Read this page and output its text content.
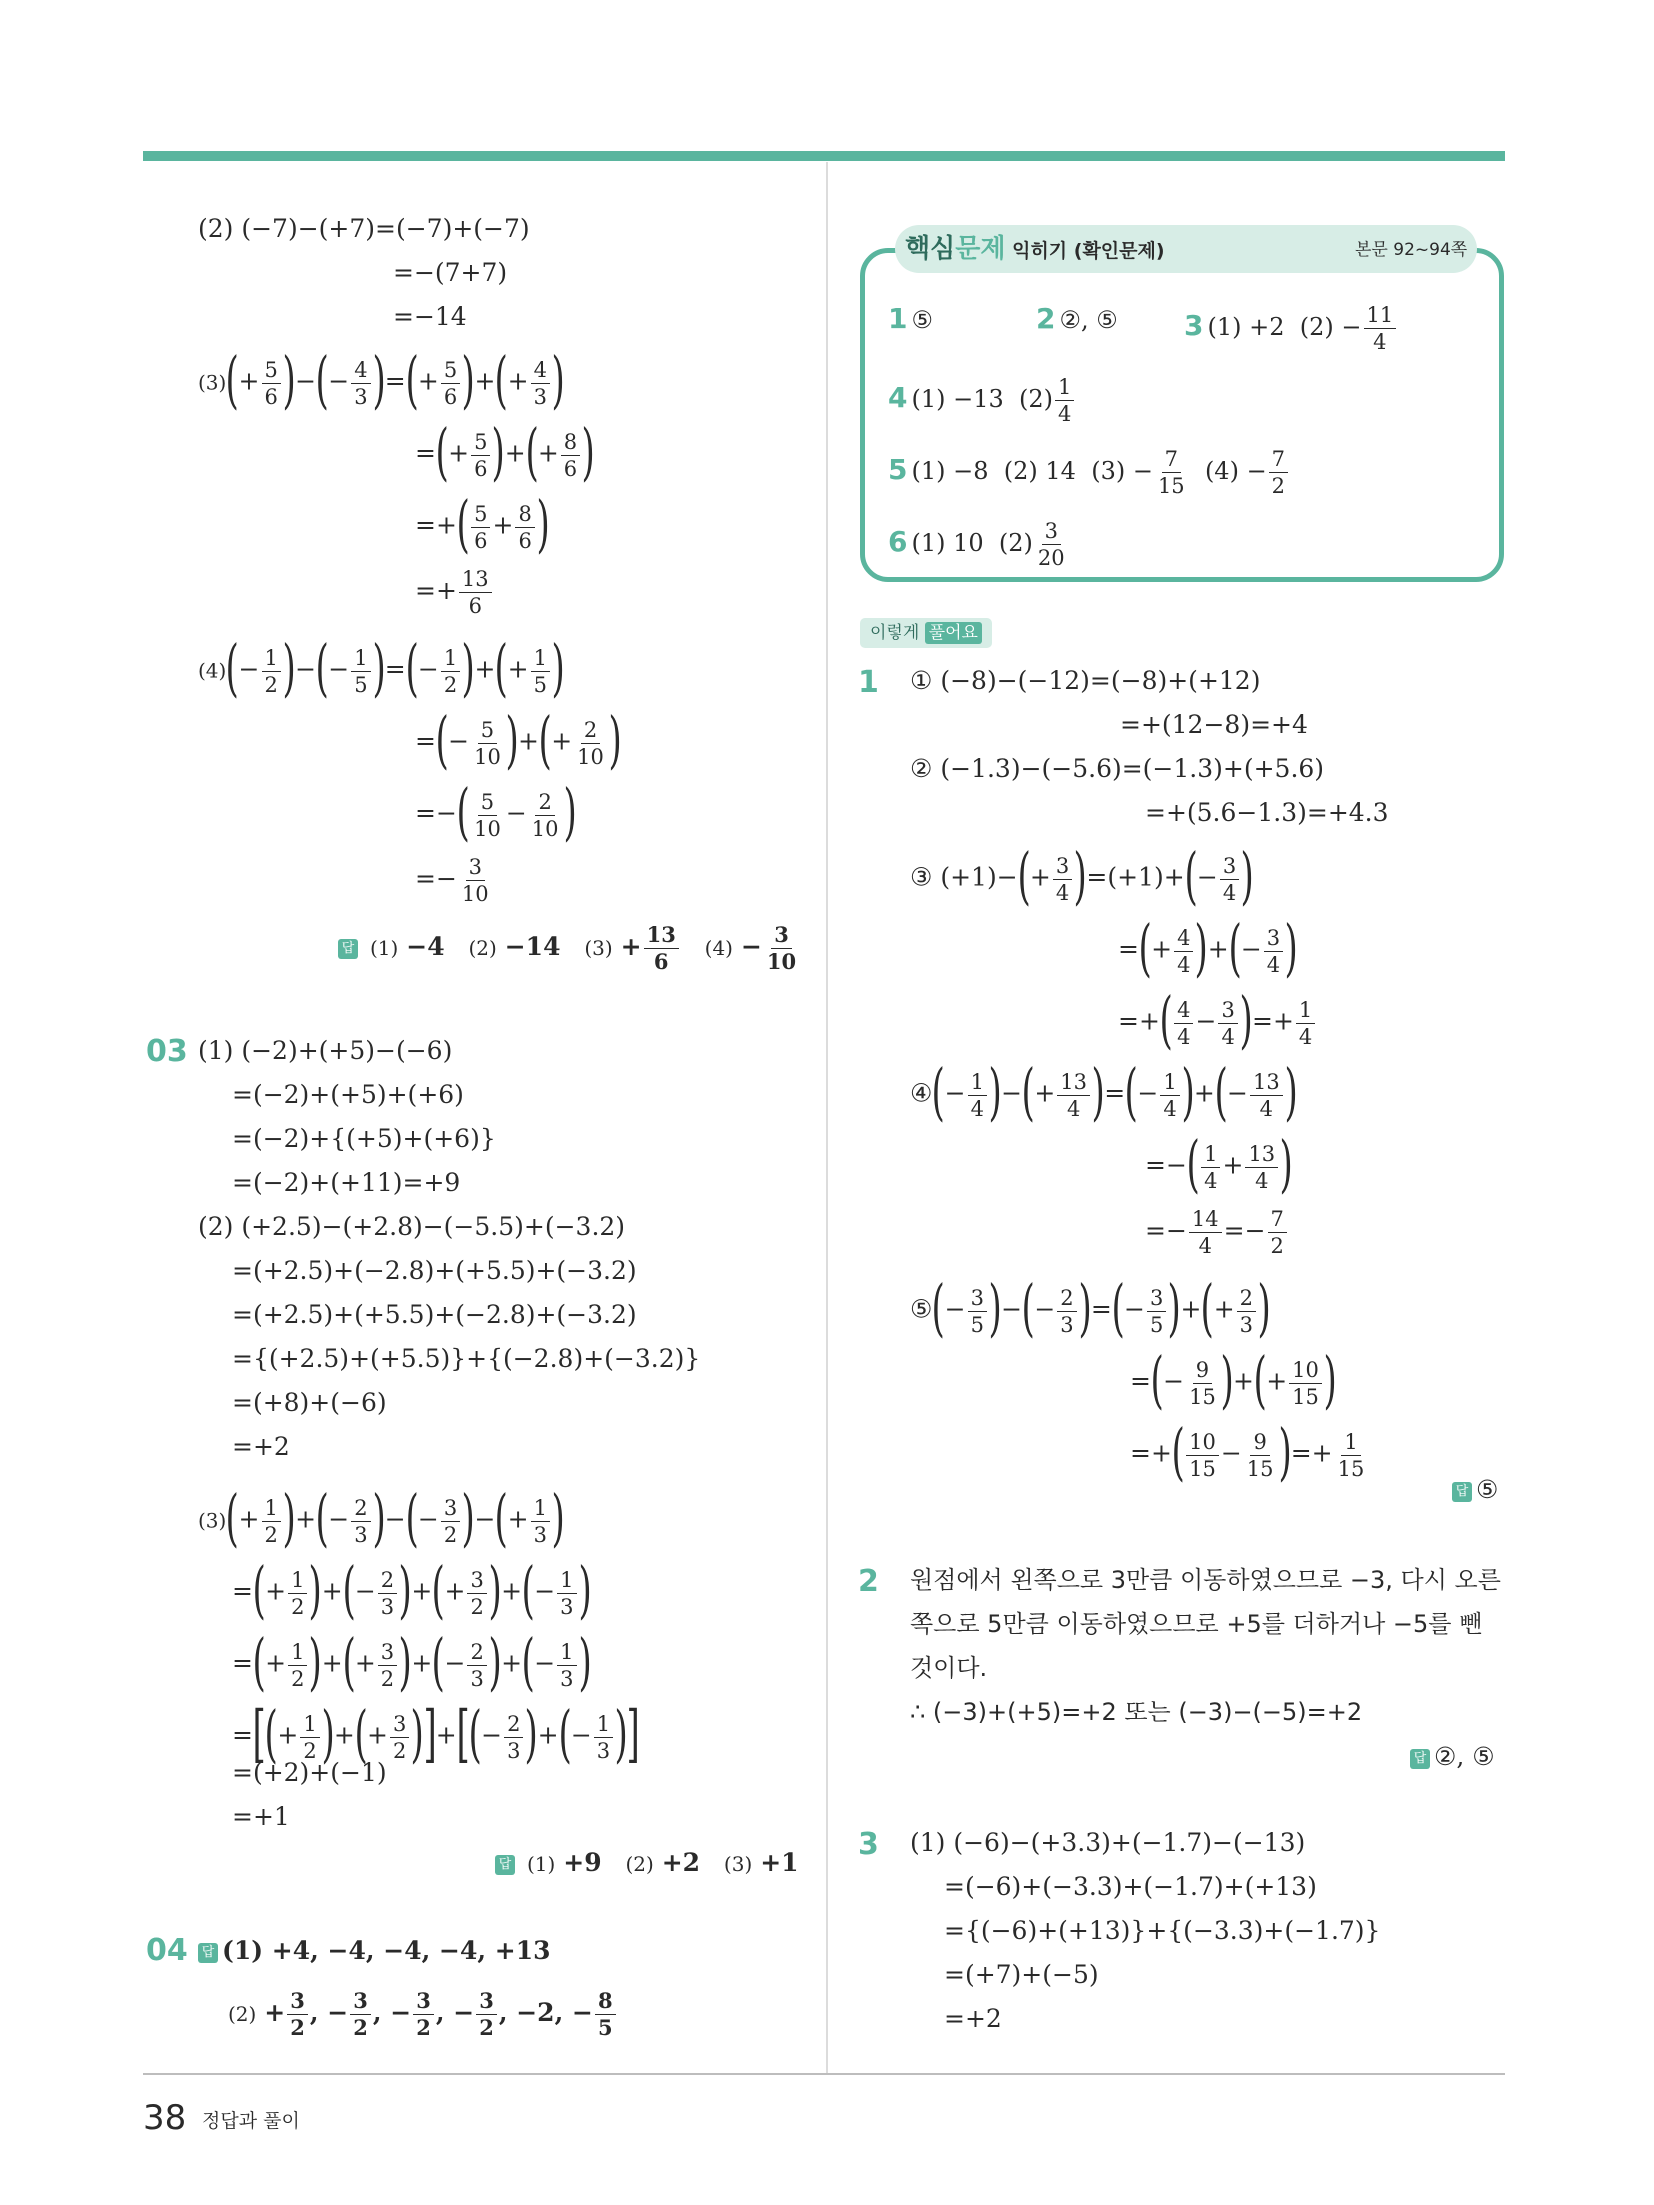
(2) (−7)−(+7)=(−7)+(−7)
=−(7+7)
=−14
$(3)(+ \frac{5}{6}$ )−(− $\frac{4}{3}$ )=(+ $\frac{5}{6}$ )+(+ $\frac{4}{3}$ )
=(+ $\frac{5}{6}$ )+(+ $\frac{8}{6}$ )
=+( $\frac{5}{6} + \frac{8}{6}$ )
=+ $\frac{13}{6}$
$(4)(- \frac{1}{2}$ )−(− $\frac{1}{5}$ )=(− $\frac{1}{2}$ )+(+ $\frac{1}{5}$ )
=(− $\frac{5}{10}$ )+(+ $\frac{2}{10}$ )
=−( $\frac{5}{10} - \frac{2}{10}$ )
=− $\frac{3}{10}$
답 (1) −4 (2) −14 $(3) + \frac{13}{6} (4) - \frac{3}{10}$
03 (1) (−2)+(+5)−(−6)
=(−2)+(+5)+(+6)
=(−2)+{(+5)+(+6)}
=(−2)+(+11)=+9
(2) (+2.5)−(+2.8)−(−5.5)+(−3.2)
=(+2.5)+(−2.8)+(+5.5)+(−3.2)
=(+2.5)+(+5.5)+(−2.8)+(−3.2)
={(+2.5)+(+5.5)}+{(−2.8)+(−3.2)}
=(+8)+(−6)
=+2
$(3)(+ \frac{1}{2}$ )+(− $\frac{2}{3}$ )−(− $\frac{3}{2}$ )−(+ $\frac{1}{3}$ )
=(+ $\frac{1}{2}$ )+(− $\frac{2}{3}$ )+(+ $\frac{3}{2}$ )+(− $\frac{1}{3}$ )
=(+ $\frac{1}{2}$ )+(+ $\frac{3}{2}$ )+(− $\frac{2}{3}$ )+(− $\frac{1}{3}$ )
=[(+ $\frac{1}{2}$ )+(+ $\frac{3}{2}$ )]+[(− $\frac{2}{3}$ )+(− $\frac{1}{3}$ )]
=(+2)+(−1)
=+1
답 (1) +9 (2) +2 (3) +1
04 답 (1) +4, −4, −4, −4, +13
$(2) + \frac{3}{2}$ , − $\frac{3}{2}$ , − $\frac{3}{2}$ , − $\frac{3}{2}$ , −2, − $\frac{8}{5}$
핵심문제 익히기 (확인문제)	본문 92~94쪽
1 ⑤	2 ②, ⑤ 3 (1) +2 $(2) - \frac{11}{4}$
4 (1) −13 $(2) \frac{1}{4}$
5 (1) −8 (2) 14 $(3) - \frac{7}{15} (4) - \frac{7}{2}$
6 (1) 10 $(2) \frac{3}{20}$
이렇게 풀어요
1 ① (−8)−(−12)=(−8)+(+12)
=+(12−8)=+4
② (−1.3)−(−5.6)=(−1.3)+(+5.6)
=+(5.6−1.3)=+4.3
③ $(+1)-(+ \frac{3}{4} )=(+1)+(- \frac{3}{4}$ )
=(+ $\frac{4}{4}$ )+(− $\frac{3}{4}$ )
=+( $\frac{4}{4} - \frac{3}{4}$ )=+ $\frac{1}{4}$
④(− $\frac{1}{4}$ )−(+ $\frac{13}{4}$ )=(− $\frac{1}{4}$ )+(− $\frac{13}{4}$ )
=−( $\frac{1}{4} + \frac{13}{4}$ )
=− $\frac{14}{4} =- \frac{7}{2}$
⑤(− $\frac{3}{5}$ )−(− $\frac{2}{3}$ )=(− $\frac{3}{5}$ )+(+ $\frac{2}{3}$ )
=(− $\frac{9}{15}$ )+(+ $\frac{10}{15}$ )
=+( $\frac{10}{15} - \frac{9}{15}$ )=+ $\frac{1}{15}$
답 ⑤
2 원점에서 왼쪽으로 3만큼 이동하였으므로 −3, 다시 오른
쪽으로 5만큼 이동하였으므로 +5를 더하거나 −5를 뺀
것이다.
∴ (−3)+(+5)=+2 또는 (−3)−(−5)=+2
답 ②, ⑤
3 (1) (−6)−(+3.3)+(−1.7)−(−13)
=(−6)+(−3.3)+(−1.7)+(+13)
={(−6)+(+13)}+{(−3.3)+(−1.7)}
=(+7)+(−5)
=+2
38 정답과 풀이
